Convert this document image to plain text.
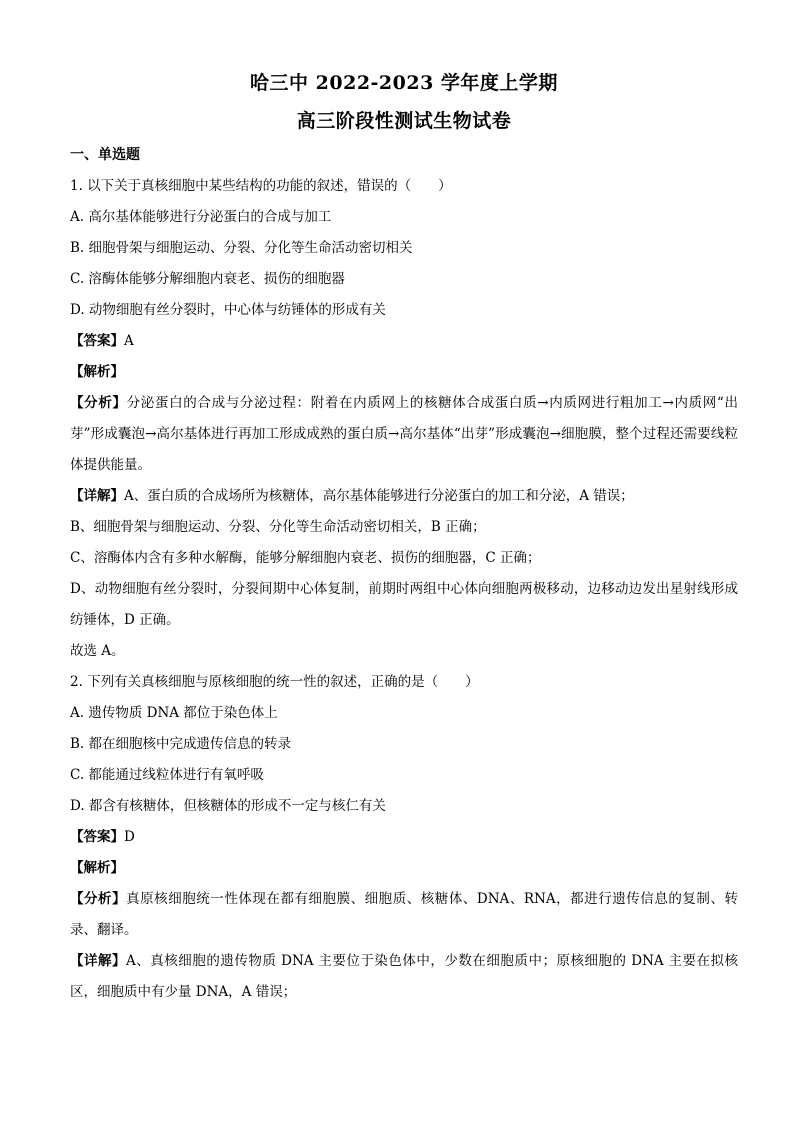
哈三中 2022-2023 学年度上学期
高三阶段性测试生物试卷
一、单选题
1. 以下关于真核细胞中某些结构的功能的叙述，错误的（　　）
A. 高尔基体能够进行分泌蛋白的合成与加工
B. 细胞骨架与细胞运动、分裂、分化等生命活动密切相关
C. 溶酶体能够分解细胞内衰老、损伤的细胞器
D. 动物细胞有丝分裂时，中心体与纺锤体的形成有关
【答案】A
【解析】
【分析】分泌蛋白的合成与分泌过程：附着在内质网上的核糖体合成蛋白质→内质网进行粗加工→内质网“出芽”形成囊泡→高尔基体进行再加工形成成熟的蛋白质→高尔基体“出芽”形成囊泡→细胞膜，整个过程还需要线粒体提供能量。
【详解】A、蛋白质的合成场所为核糖体，高尔基体能够进行分泌蛋白的加工和分泌，A 错误；
B、细胞骨架与细胞运动、分裂、分化等生命活动密切相关，B 正确；
C、溶酶体内含有多种水解酶，能够分解细胞内衰老、损伤的细胞器，C 正确；
D、动物细胞有丝分裂时，分裂间期中心体复制，前期时两组中心体向细胞两极移动，边移动边发出星射线形成纺锤体，D 正确。
故选 A。
2. 下列有关真核细胞与原核细胞的统一性的叙述，正确的是（　　）
A. 遗传物质 DNA 都位于染色体上
B. 都在细胞核中完成遗传信息的转录
C. 都能通过线粒体进行有氧呼吸
D. 都含有核糖体，但核糖体的形成不一定与核仁有关
【答案】D
【解析】
【分析】真原核细胞统一性体现在都有细胞膜、细胞质、核糖体、DNA、RNA，都进行遗传信息的复制、转录、翻译。
【详解】A、真核细胞的遗传物质 DNA 主要位于染色体中，少数在细胞质中；原核细胞的 DNA 主要在拟核区，细胞质中有少量 DNA，A 错误；
